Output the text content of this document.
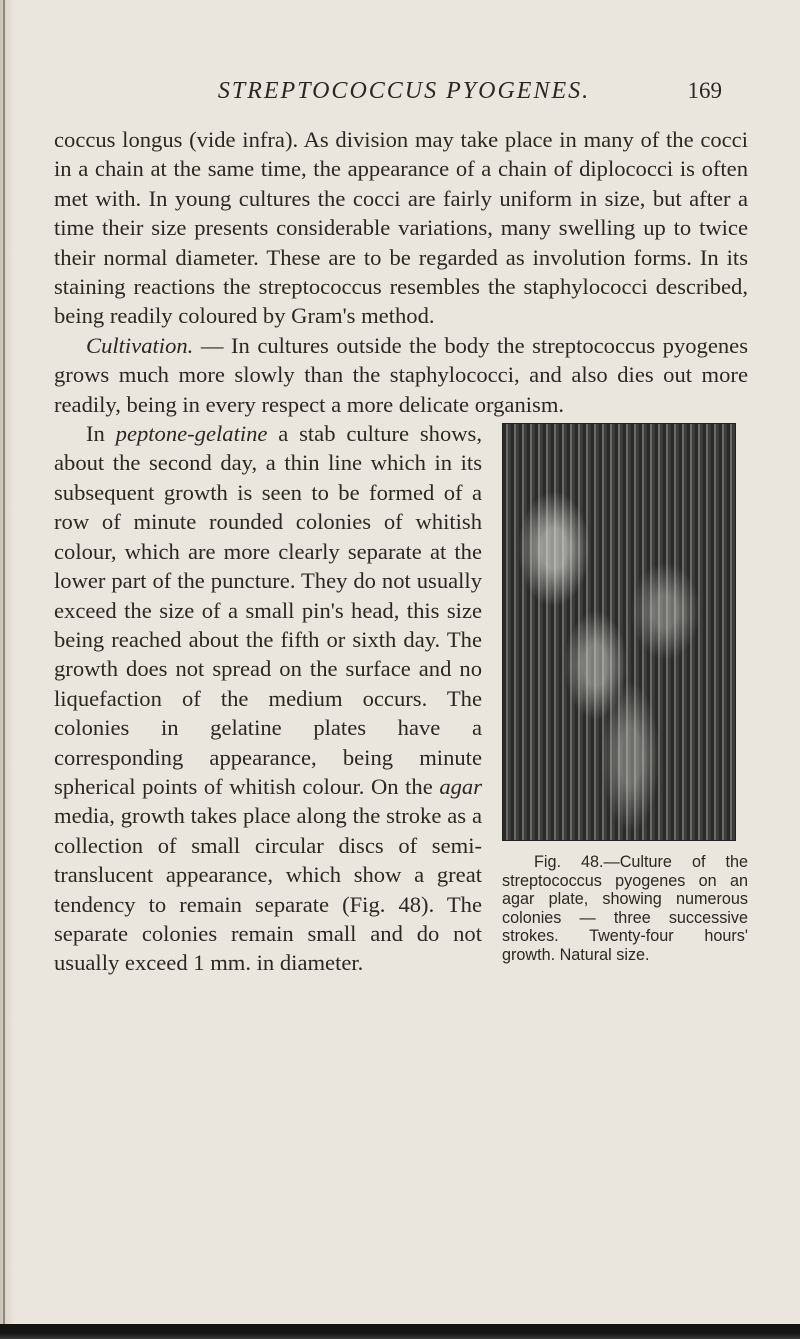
STREPTOCOCCUS PYOGENES.	169

coccus longus (vide infra). As division may take place in many of the cocci in a chain at the same time, the appearance of a chain of diplococci is often met with. In young cultures the cocci are fairly uniform in size, but after a time their size presents considerable variations, many swelling up to twice their normal diameter. These are to be regarded as involution forms. In its staining reactions the streptococcus resembles the staphylococci described, being readily coloured by Gram's method.

Cultivation. — In cultures outside the body the streptococcus pyogenes grows much more slowly than the staphylococci, and also dies out more readily, being in every respect a more delicate organism.

Fig. 48.—Culture of the streptococcus pyogenes on an agar plate, showing numerous colonies — three successive strokes. Twenty-four hours' growth. Natural size.
In peptone-gelatine a stab culture shows, about the second day, a thin line which in its subsequent growth is seen to be formed of a row of minute rounded colonies of whitish colour, which are more clearly separate at the lower part of the puncture. They do not usually exceed the size of a small pin's head, this size being reached about the fifth or sixth day. The growth does not spread on the surface and no liquefaction of the medium occurs. The colonies in gelatine plates have a corresponding appearance, being minute spherical points of whitish colour. On the agar media, growth takes place along the stroke as a collection of small circular discs of semi-translucent appearance, which show a great tendency to remain separate (Fig. 48). The separate colonies remain small and do not usually exceed 1 mm. in diameter.
